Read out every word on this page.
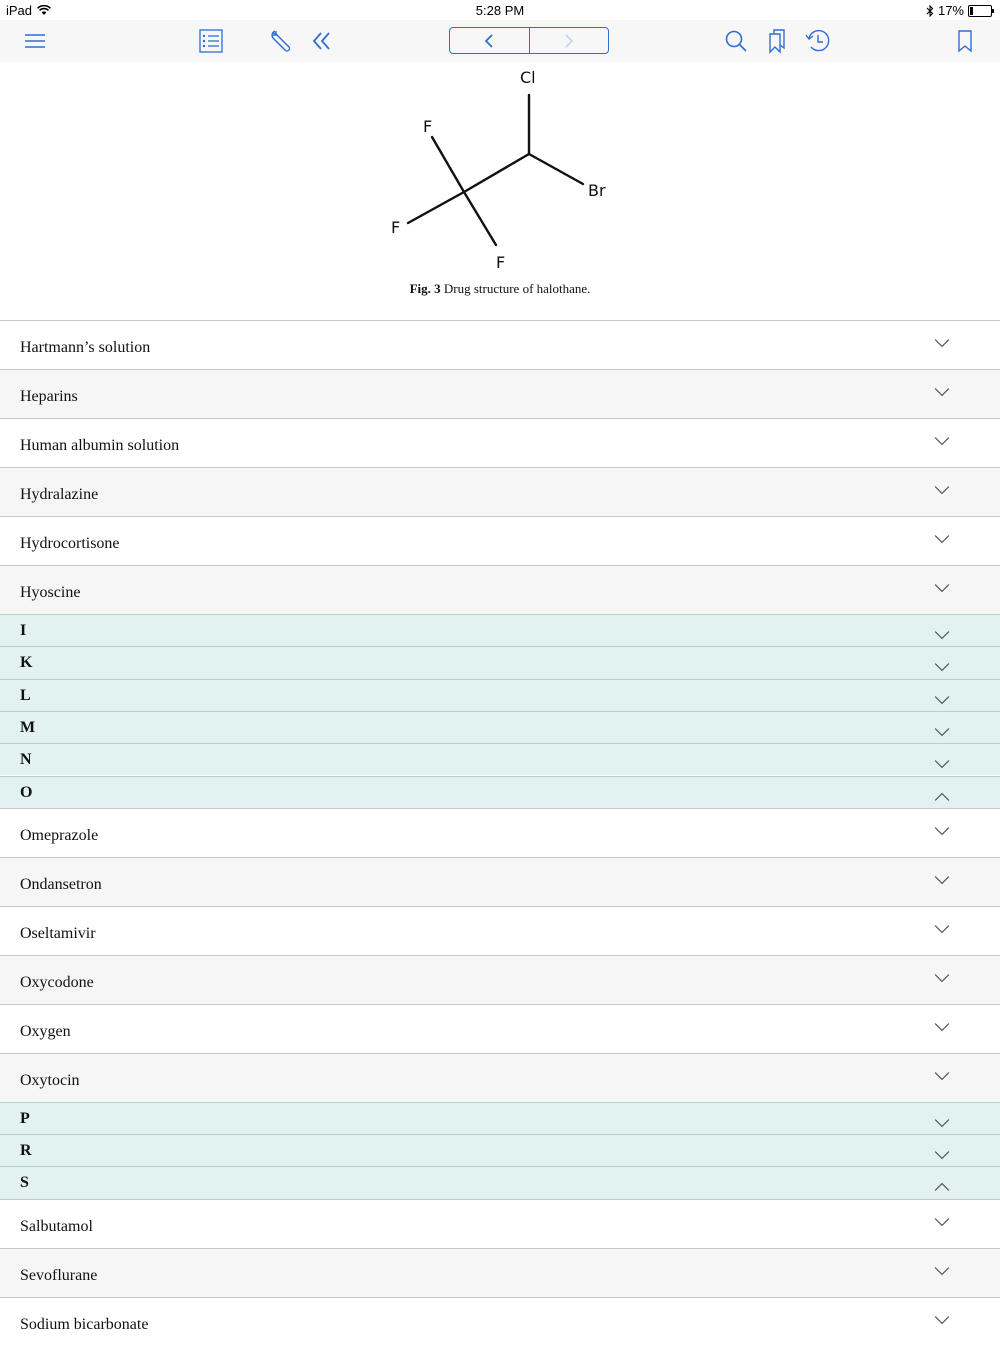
iPad	5:28 PM	17%
Cl
Br
F
F
F
Fig. 3 Drug structure of halothane.
Hartmann’s solution
Heparins
Human albumin solution
Hydralazine
Hydrocortisone
Hyoscine
I
K
L
M
N
O
Omeprazole
Ondansetron
Oseltamivir
Oxycodone
Oxygen
Oxytocin
P
R
S
Salbutamol
Sevoflurane
Sodium bicarbonate
